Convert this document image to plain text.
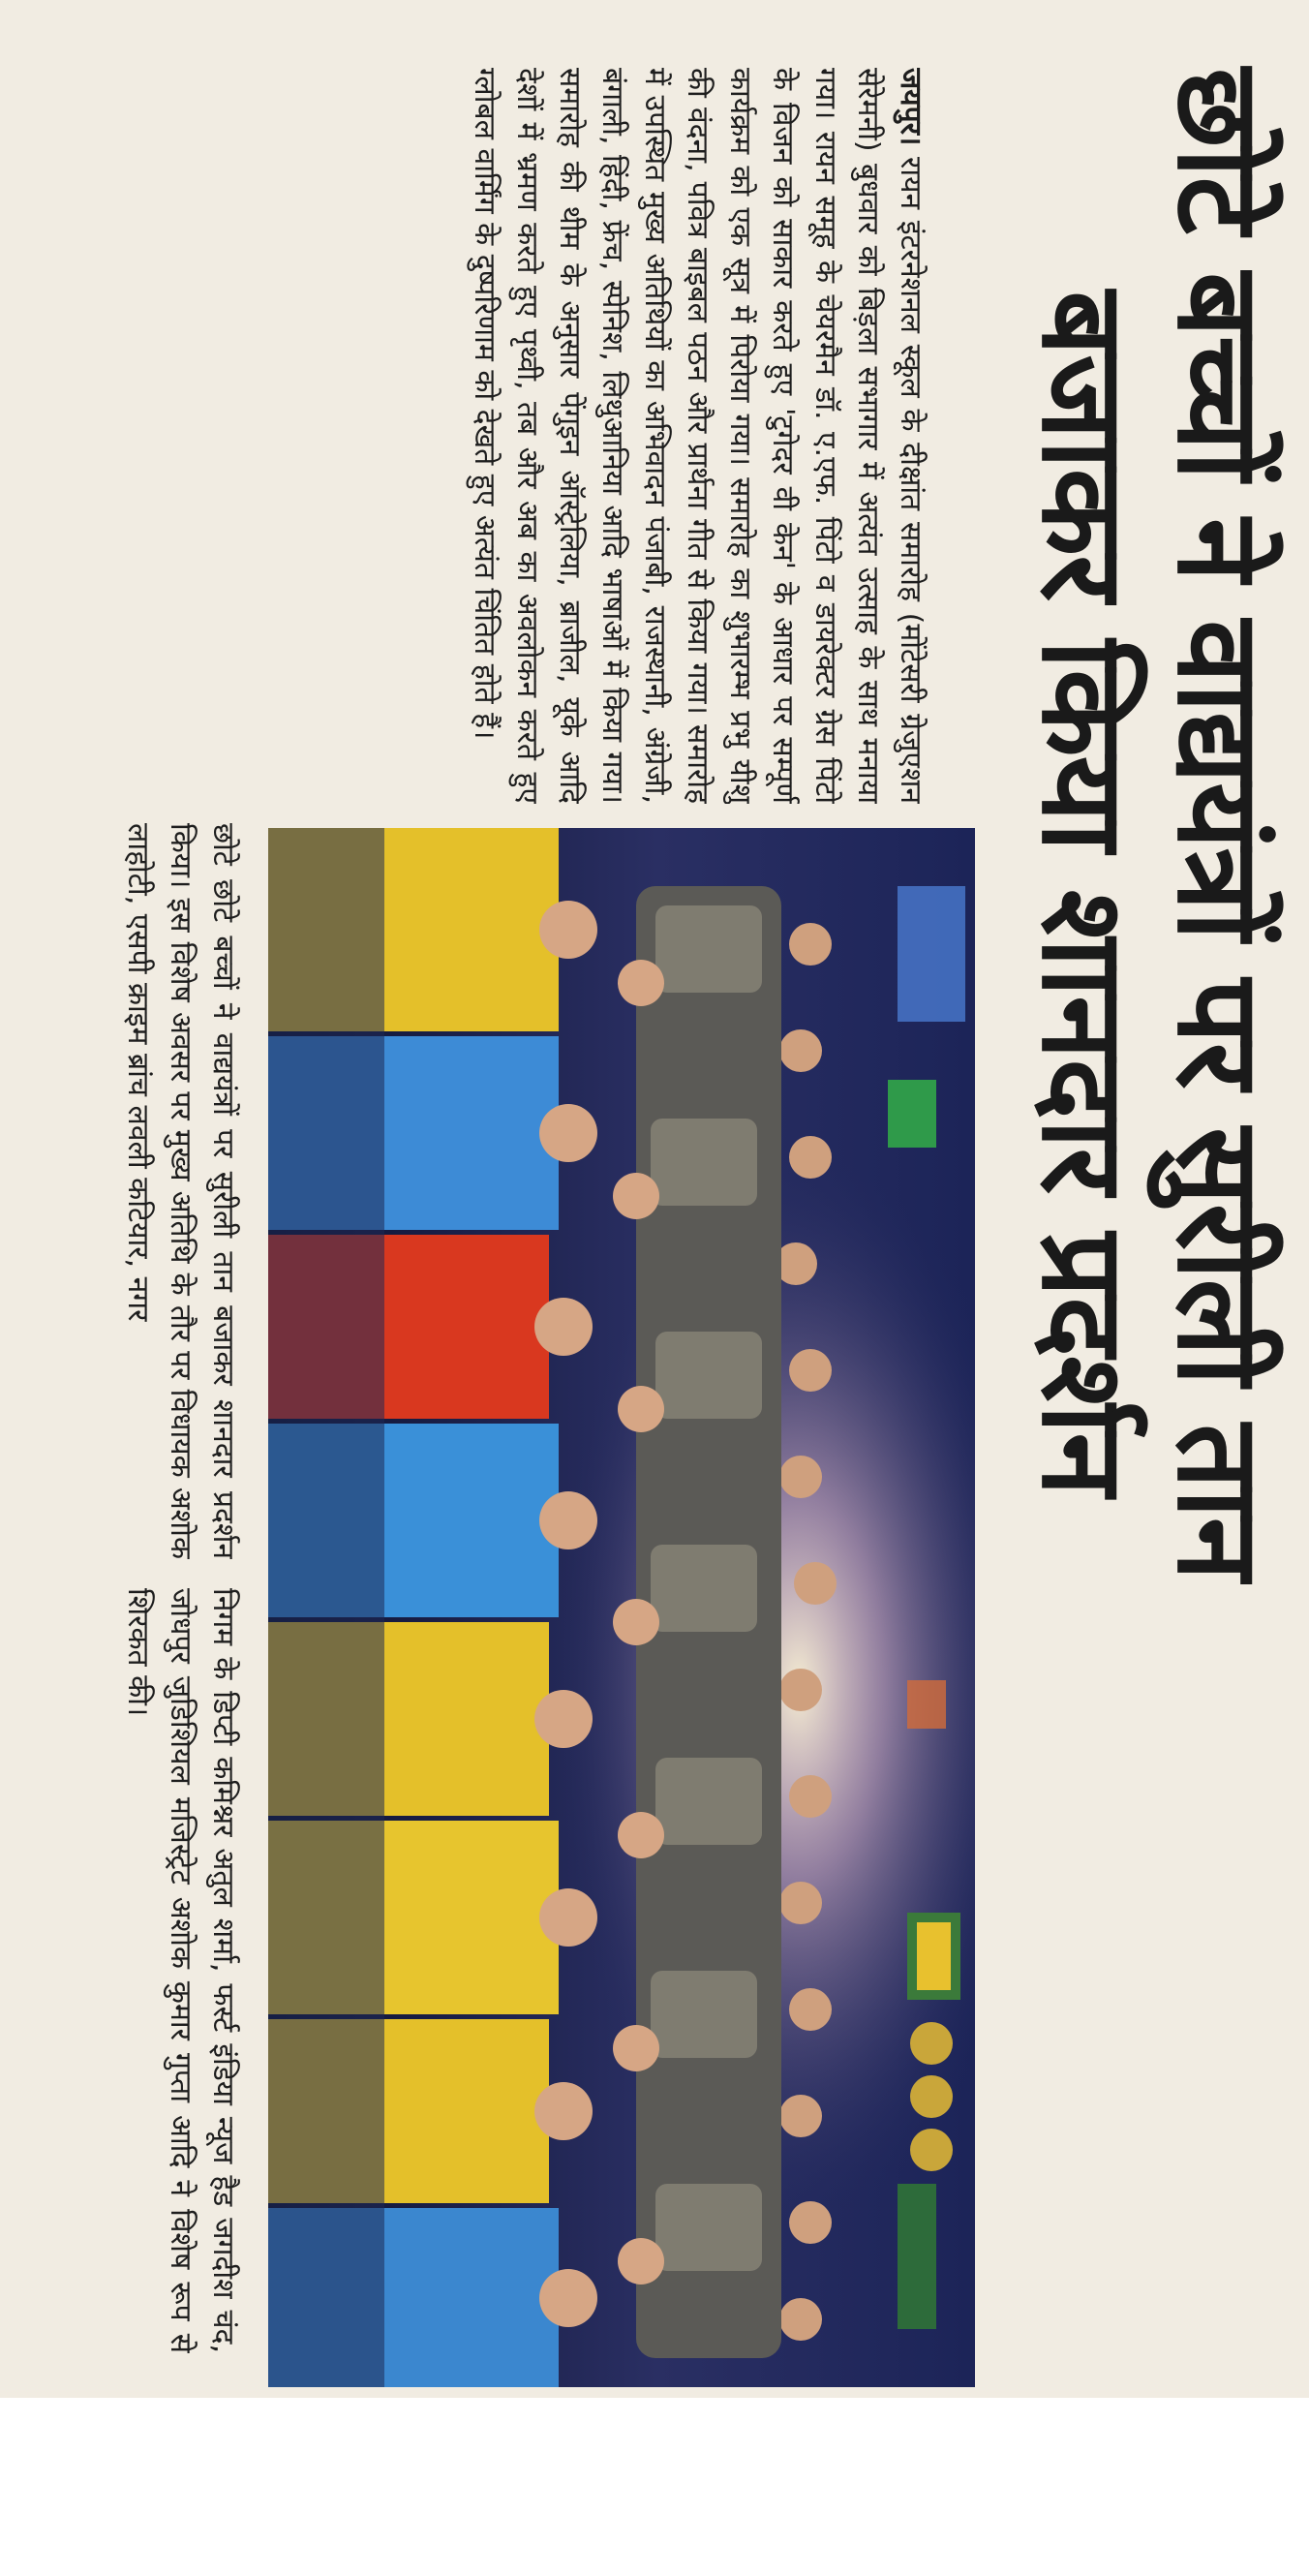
छोटे बच्चों ने वाद्ययंत्रों पर सुरीली तान
बजाकर किया शानदार प्रदर्शन

जयपुर। रायन इंटरनेशनल स्कूल के दीक्षांत समारोह (मोंटेसरी ग्रेजुएशन सेरेमनी) बुधवार को बिड़ला सभागार में अत्यंत उत्साह के साथ मनाया गया। रायन समूह के चेयरमैन डॉ. ए.एफ. पिंटो व डायरेक्टर ग्रेस पिंटो के विजन को साकार करते हुए 'टुगेदर वी केन' के आधार पर सम्पूर्ण कार्यक्रम को एक सूत्र में पिरोया गया। समारोह का शुभारम्भ प्रभु यीशु की वंदना, पवित्र बाइबल पठन और प्रार्थना गीत से किया गया। समारोह में उपस्थित मुख्य अतिथियों का अभिवादन पंजाबी, राजस्थानी, अंग्रेजी, बंगाली, हिंदी, फ्रेंच, स्पेनिश, लिथुआनिया आदि भाषाओं में किया गया। समारोह की थीम के अनुसार पेंगुइन ऑस्ट्रेलिया, ब्राजील, यूके आदि देशों में भ्रमण करते हुए पृथ्वी, तब और अब का अवलोकन करते हुए ग्लोबल वार्मिंग के दुष्परिणाम को देखते हुए अत्यंत चिंतित होते हैं।

छोटे छोटे बच्चों ने वाद्ययंत्रों पर सुरीली तान बजाकर शानदार प्रदर्शन किया। इस विशेष अवसर पर मुख्य अतिथि के तौर पर विधायक अशोक लाहोटी, एसपी क्राइम ब्रांच लवली कटियार, नगर

निगम के डिप्टी कमिश्नर अतुल शर्मा, फर्स्ट इंडिया न्यूज हैड जगदीश चंद, जोधपुर जुडिशियल मजिस्ट्रेट अशोक कुमार गुप्ता आदि ने विशेष रूप से शिरकत की।
